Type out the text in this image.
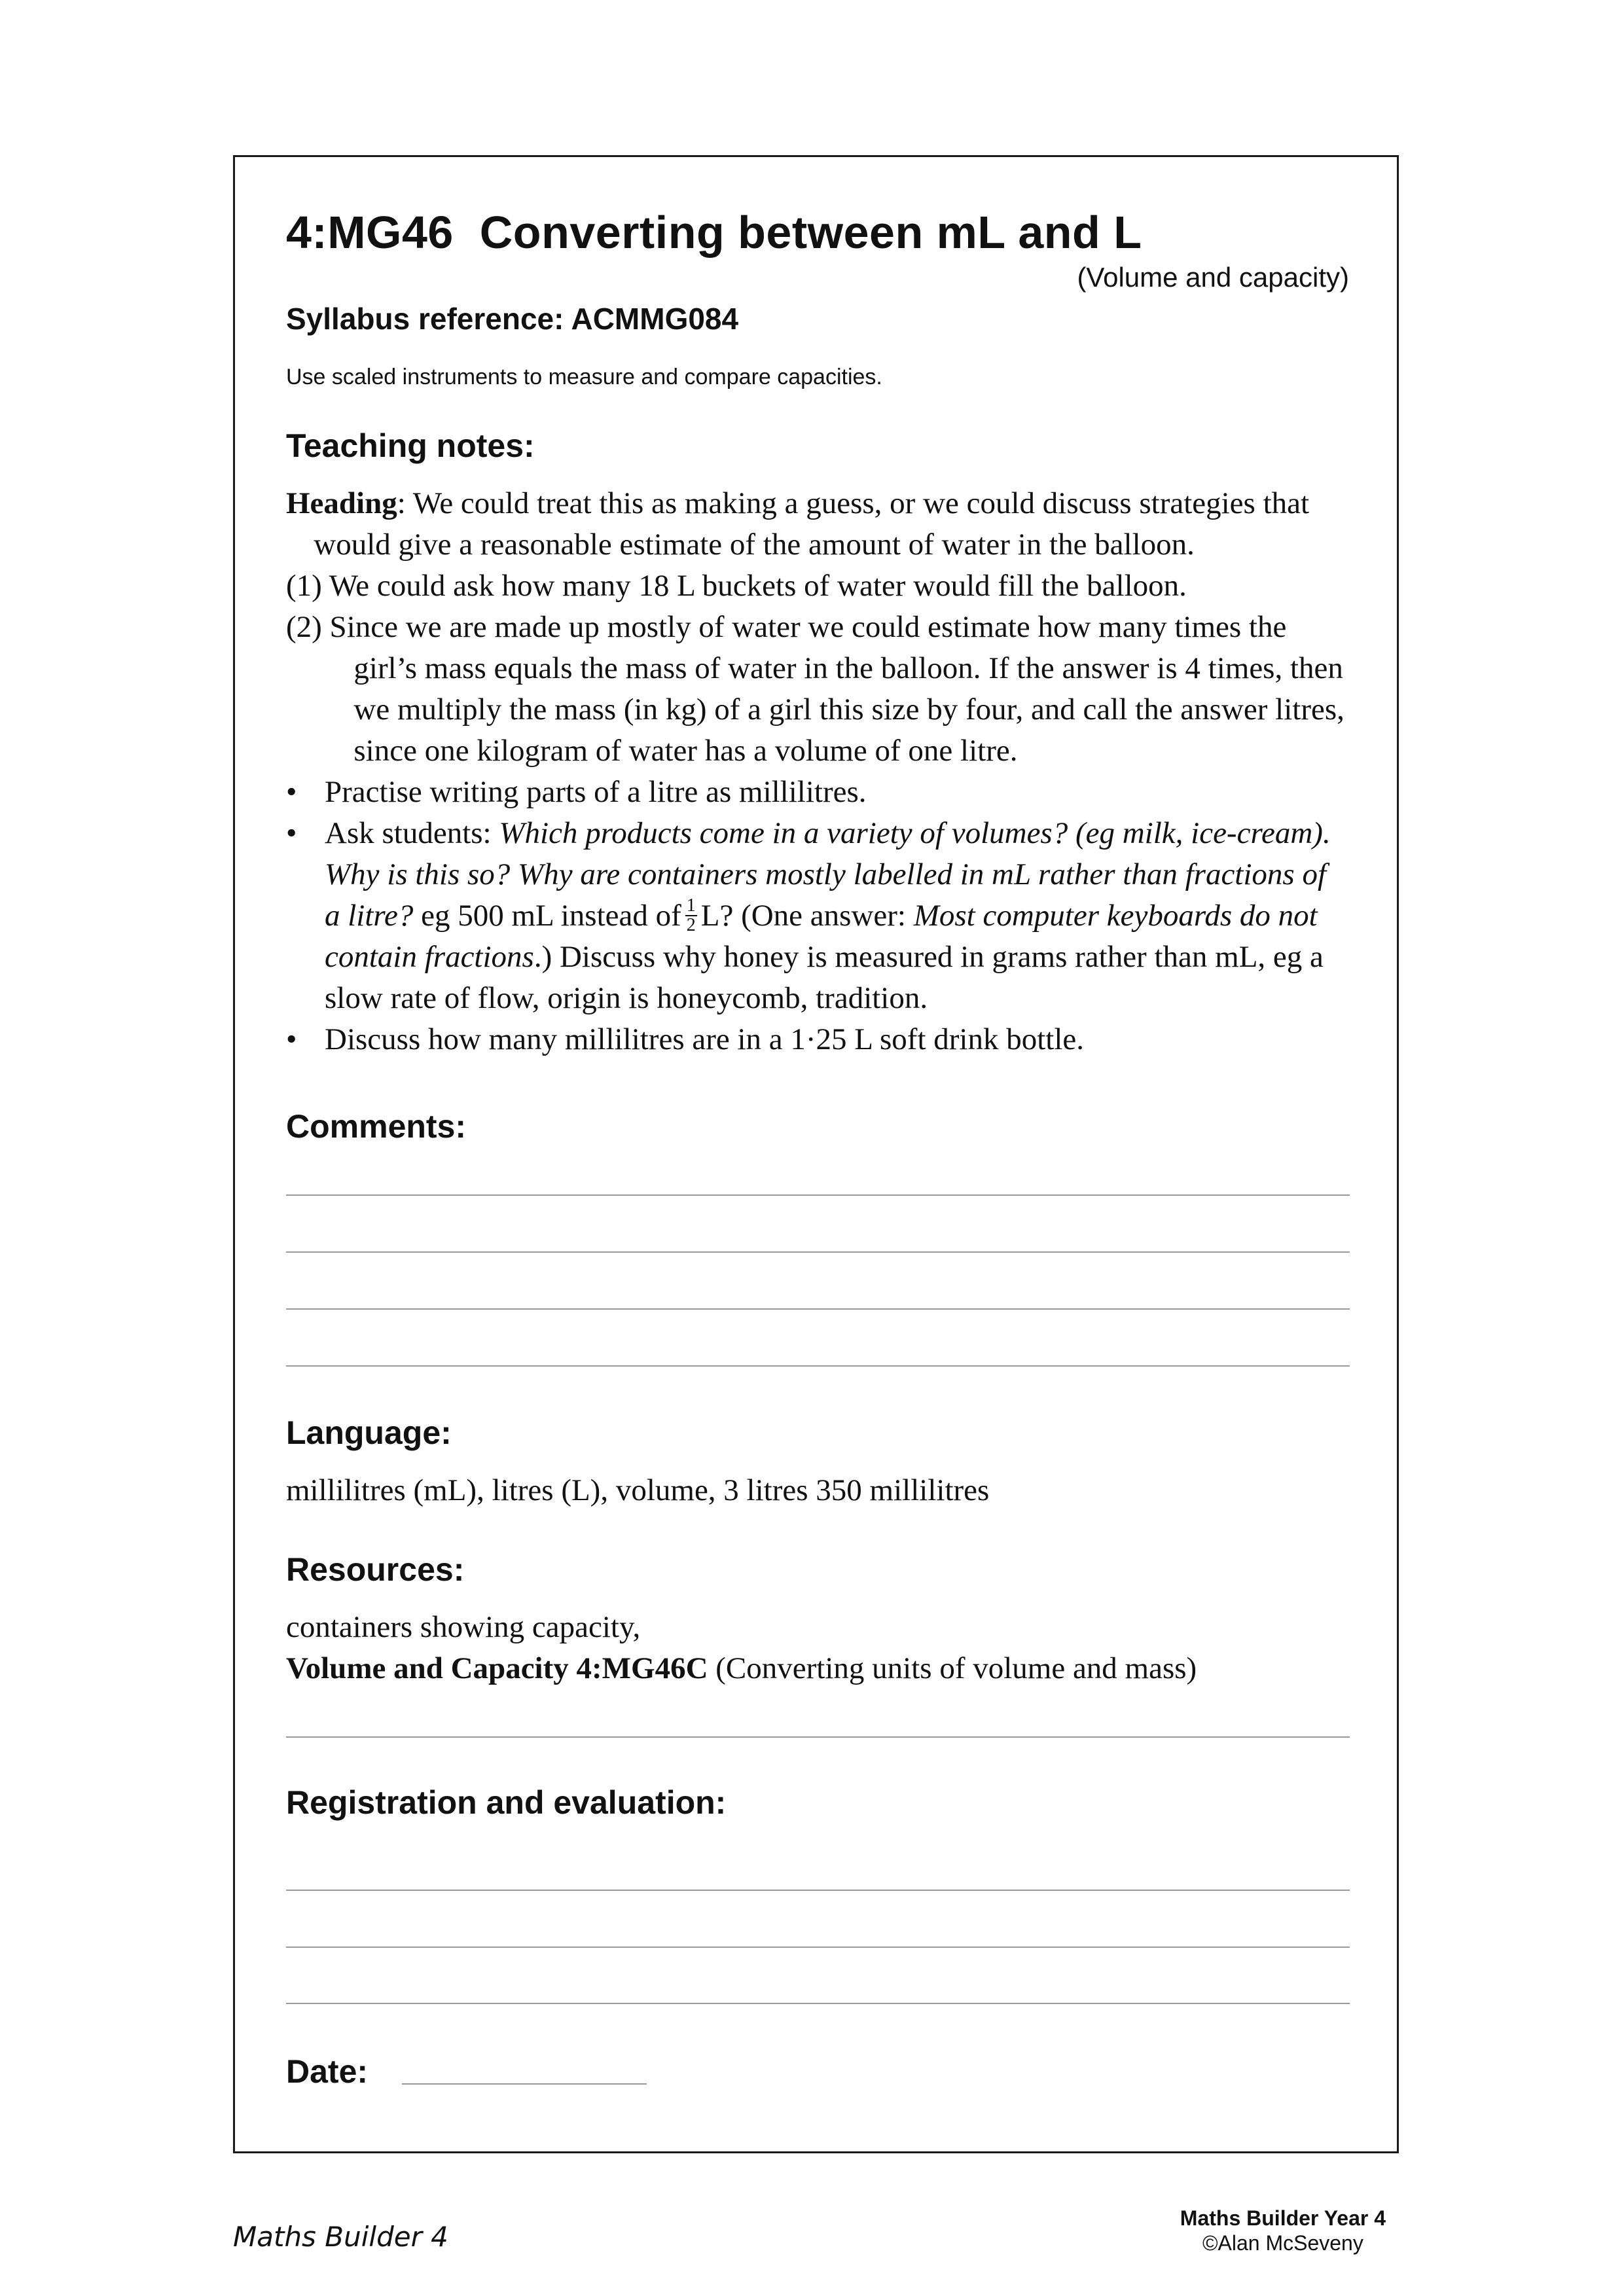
4:MG46  Converting between mL and L
(Volume and capacity)
Syllabus reference: ACMMG084
Use scaled instruments to measure and compare capacities.
Teaching notes:
Heading: We could treat this as making a guess, or we could discuss strategies that would give a reasonable estimate of the amount of water in the balloon.
(1) We could ask how many 18 L buckets of water would fill the balloon.
(2) Since we are made up mostly of water we could estimate how many times the girl’s mass equals the mass of water in the balloon. If the answer is 4 times, then we multiply the mass (in kg) of a girl this size by four, and call the answer litres, since one kilogram of water has a volume of one litre.
• Practise writing parts of a litre as millilitres.
• Ask students: Which products come in a variety of volumes? (eg milk, ice-cream). Why is this so? Why are containers mostly labelled in mL rather than fractions of a litre? eg 500 mL instead of $\frac{1}{2} L$? (One answer: Most computer keyboards do not contain fractions.) Discuss why honey is measured in grams rather than mL, eg a slow rate of flow, origin is honeycomb, tradition.
• Discuss how many millilitres are in a 1·25 L soft drink bottle.
Comments:
Language:
millilitres (mL), litres (L), volume, 3 litres 350 millilitres
Resources:
containers showing capacity,
Volume and Capacity 4:MG46C (Converting units of volume and mass)
Registration and evaluation:
Date:
Maths Builder 4
Maths Builder Year 4
©Alan McSeveny
